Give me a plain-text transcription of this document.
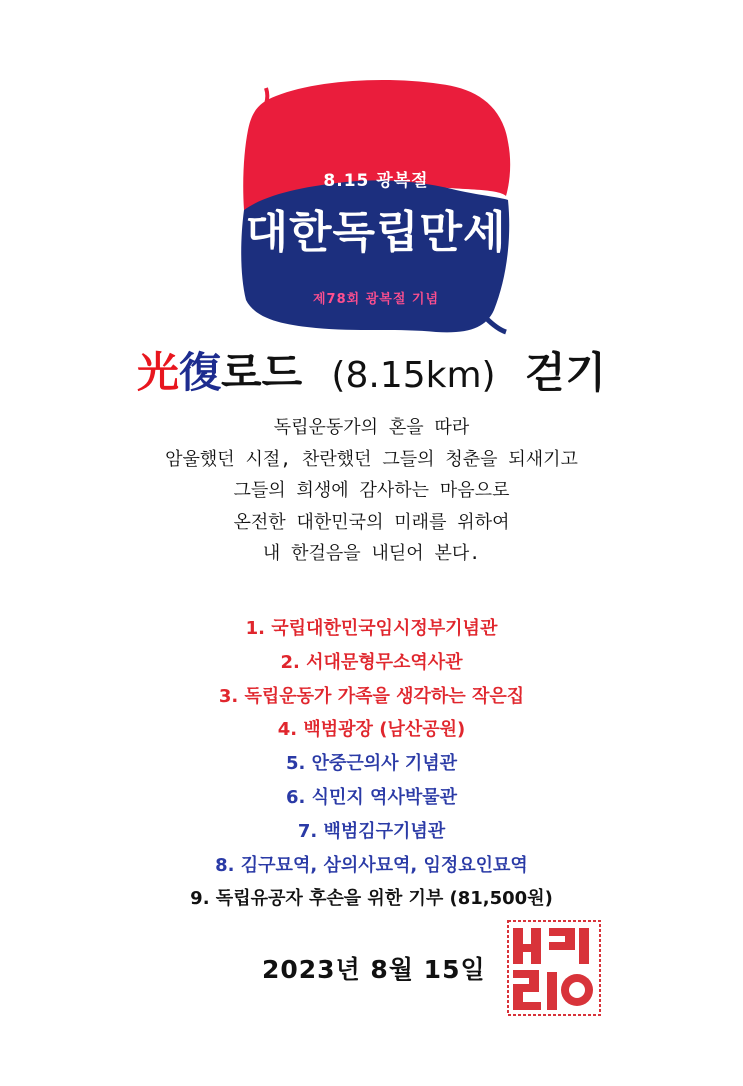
8.15 광복절
대한독립만세
제78회 광복절 기념
光復로드 (8.15km) 걷기
독립운동가의 혼을 따라
암울했던 시절, 찬란했던 그들의 청춘을 되새기고
그들의 희생에 감사하는 마음으로
온전한 대한민국의 미래를 위하여
내 한걸음을 내딛어 본다.
1. 국립대한민국임시정부기념관
2. 서대문형무소역사관
3. 독립운동가 가족을 생각하는 작은집
4. 백범광장 (남산공원)
5. 안중근의사 기념관
6. 식민지 역사박물관
7. 백범김구기념관
8. 김구묘역, 삼의사묘역, 임정요인묘역
9. 독립유공자 후손을 위한 기부 (81,500원)
2023년 8월 15일
